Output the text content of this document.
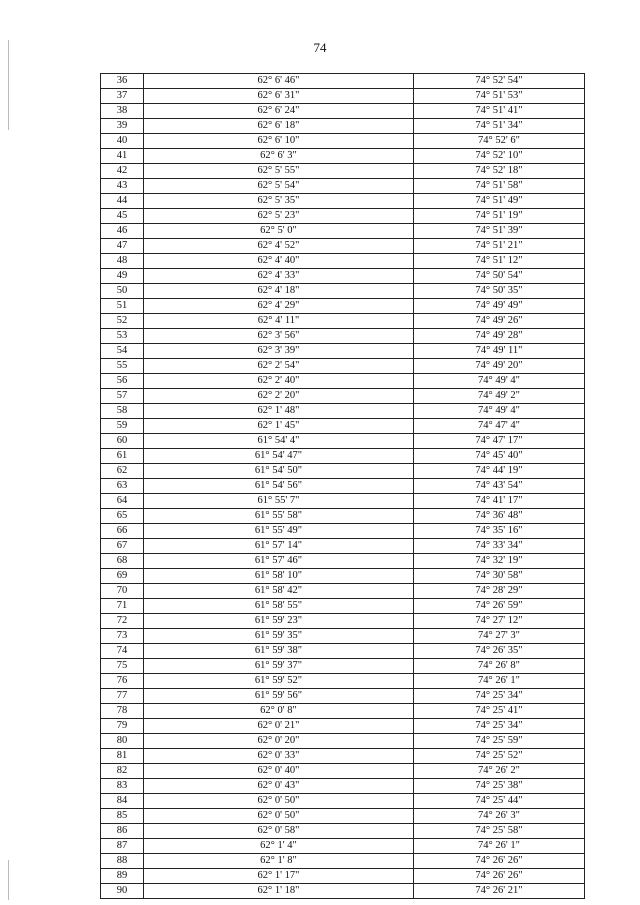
74
36	62° 6' 46"	74° 52' 54"
37	62° 6' 31"	74° 51' 53"
38	62° 6' 24"	74° 51' 41"
39	62° 6' 18"	74° 51' 34"
40	62° 6' 10"	74° 52' 6"
41	62° 6' 3"	74° 52' 10"
42	62° 5' 55"	74° 52' 18"
43	62° 5' 54"	74° 51' 58"
44	62° 5' 35"	74° 51' 49"
45	62° 5' 23"	74° 51' 19"
46	62° 5' 0"	74° 51' 39"
47	62° 4' 52"	74° 51' 21"
48	62° 4' 40"	74° 51' 12"
49	62° 4' 33"	74° 50' 54"
50	62° 4' 18"	74° 50' 35"
51	62° 4' 29"	74° 49' 49"
52	62° 4' 11"	74° 49' 26"
53	62° 3' 56"	74° 49' 28"
54	62° 3' 39"	74° 49' 11"
55	62° 2' 54"	74° 49' 20"
56	62° 2' 40"	74° 49' 4"
57	62° 2' 20"	74° 49' 2"
58	62° 1' 48"	74° 49' 4"
59	62° 1' 45"	74° 47' 4"
60	61° 54' 4"	74° 47' 17"
61	61° 54' 47"	74° 45' 40"
62	61° 54' 50"	74° 44' 19"
63	61° 54' 56"	74° 43' 54"
64	61° 55' 7"	74° 41' 17"
65	61° 55' 58"	74° 36' 48"
66	61° 55' 49"	74° 35' 16"
67	61° 57' 14"	74° 33' 34"
68	61° 57' 46"	74° 32' 19"
69	61° 58' 10"	74° 30' 58"
70	61° 58' 42"	74° 28' 29"
71	61° 58' 55"	74° 26' 59"
72	61° 59' 23"	74° 27' 12"
73	61° 59' 35"	74° 27' 3"
74	61° 59' 38"	74° 26' 35"
75	61° 59' 37"	74° 26' 8"
76	61° 59' 52"	74° 26' 1"
77	61° 59' 56"	74° 25' 34"
78	62° 0' 8"	74° 25' 41"
79	62° 0' 21"	74° 25' 34"
80	62° 0' 20"	74° 25' 59"
81	62° 0' 33"	74° 25' 52"
82	62° 0' 40"	74° 26' 2"
83	62° 0' 43"	74° 25' 38"
84	62° 0' 50"	74° 25' 44"
85	62° 0' 50"	74° 26' 3"
86	62° 0' 58"	74° 25' 58"
87	62° 1' 4"	74° 26' 1"
88	62° 1' 8"	74° 26' 26"
89	62° 1' 17"	74° 26' 26"
90	62° 1' 18"	74° 26' 21"
